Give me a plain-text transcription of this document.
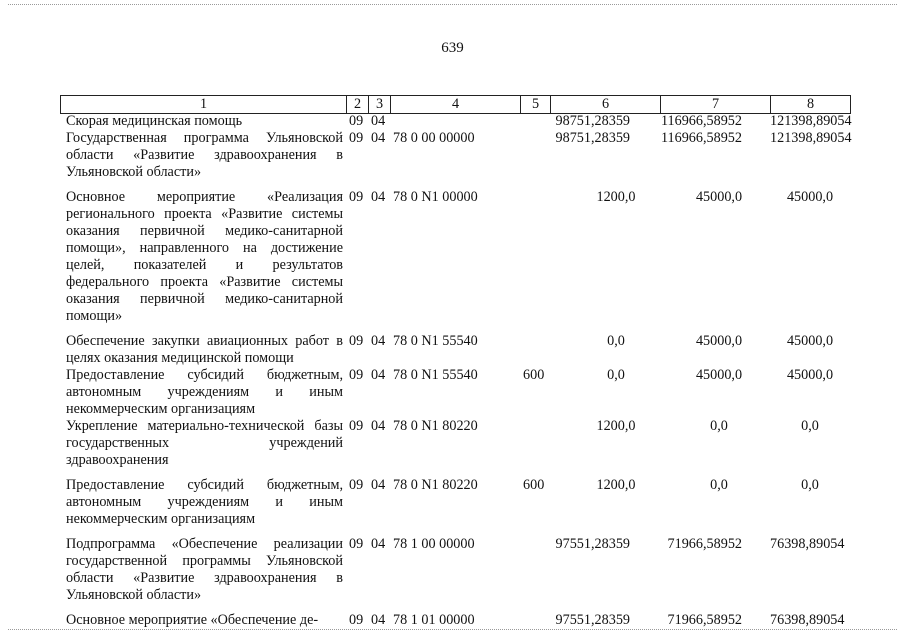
639
1	2	3	4	5	6	7	8
Скорая медицинская помощь	09	04			98751,28359	116966,58952	121398,89054
Государственная программа Ульяновской области «Развитие здравоохранения в Ульяновской области»	09	04	78 0 00 00000		98751,28359	116966,58952	121398,89054
Основное мероприятие «Реализация регионального проекта «Развитие системы оказания первичной медико-санитарной помощи», направленного на достижение целей, показателей и результатов федерального проекта «Развитие системы оказания первичной медико-санитарной помощи»	09	04	78 0 N1 00000		1200,0	45000,0	45000,0
Обеспечение закупки авиационных работ в целях оказания медицинской помощи	09	04	78 0 N1 55540		0,0	45000,0	45000,0
Предоставление субсидий бюджетным, автономным учреждениям и иным некоммерческим организациям	09	04	78 0 N1 55540	600	0,0	45000,0	45000,0
Укрепление материально-технической базы государственных учреждений здравоохранения	09	04	78 0 N1 80220		1200,0	0,0	0,0
Предоставление субсидий бюджетным, автономным учреждениям и иным некоммерческим организациям	09	04	78 0 N1 80220	600	1200,0	0,0	0,0
Подпрограмма «Обеспечение реализации государственной программы Ульяновской области «Развитие здравоохранения в Ульяновской области»	09	04	78 1 00 00000		97551,28359	71966,58952	76398,89054
Основное мероприятие «Обеспечение де-	09	04	78 1 01 00000		97551,28359	71966,58952	76398,89054
